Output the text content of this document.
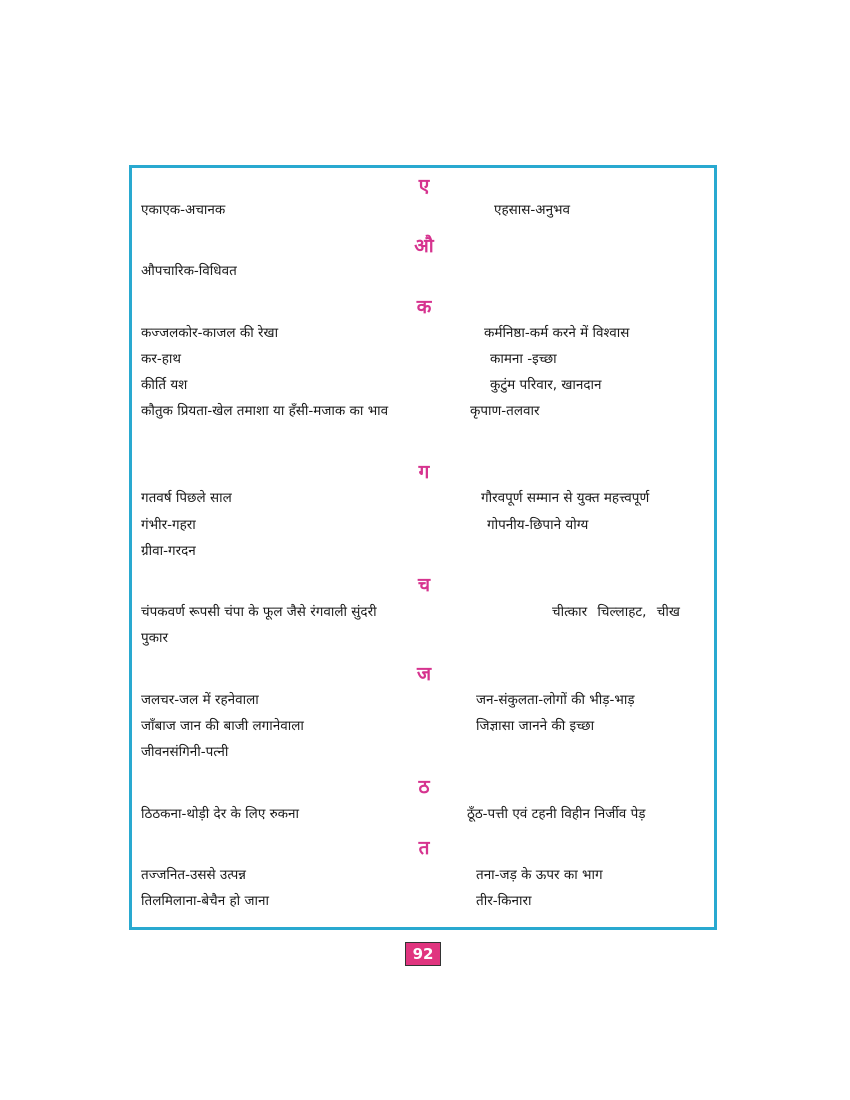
ए
एकाएक-अचानक	एहसास-अनुभव
औ
औपचारिक-विधिवत
क
कज्जलकोर-काजल की रेखा	कर्मनिष्ठा-कर्म करने में विश्वास
कर-हाथ	कामना -इच्छा
कीर्ति यश	कुटुंम परिवार, खानदान
कौतुक प्रियता-खेल तमाशा या हँसी-मजाक का भाव	कृपाण-तलवार
ग
गतवर्ष पिछले साल	गौरवपूर्ण सम्मान से युक्त महत्त्वपूर्ण
गंभीर-गहरा	गोपनीय-छिपाने योग्य
ग्रीवा-गरदन
च
चंपकवर्ण रूपसी चंपा के फूल जैसे रंगवाली सुंदरी	चीत्कार चिल्लाहट, चीख
पुकार
ज
जलचर-जल में रहनेवाला	जन-संकुलता-लोगों की भीड़-भाड़
जाँबाज जान की बाजी लगानेवाला	जिज्ञासा जानने की इच्छा
जीवनसंगिनी-पत्नी
ठ
ठिठकना-थोड़ी देर के लिए रुकना	ठूँठ-पत्ती एवं टहनी विहीन निर्जीव पेड़
त
तज्जनित-उससे उत्पन्न	तना-जड़ के ऊपर का भाग
तिलमिलाना-बेचैन हो जाना	तीर-किनारा
92
